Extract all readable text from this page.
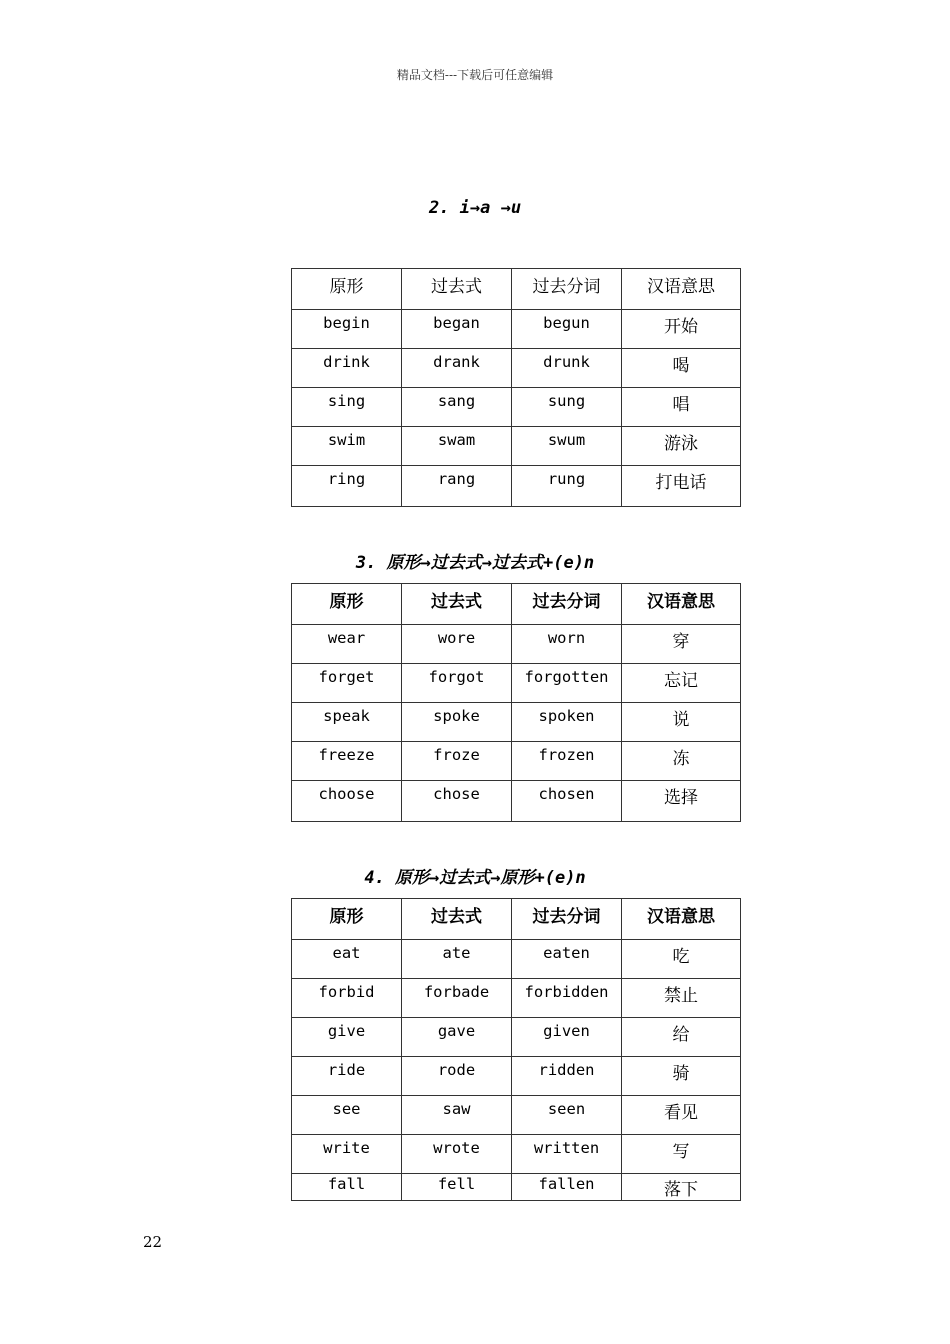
精品文档---下载后可任意编辑
2. i→a →u
原形	过去式	过去分词	汉语意思
begin	began	begun	开始
drink	drank	drunk	喝
sing	sang	sung	唱
swim	swam	swum	游泳
ring	rang	rung	打电话
3. 原形→过去式→过去式+(e)n
原形	过去式	过去分词	汉语意思
wear	wore	worn	穿
forget	forgot	forgotten	忘记
speak	spoke	spoken	说
freeze	froze	frozen	冻
choose	chose	chosen	选择
4. 原形→过去式→原形+(e)n
原形	过去式	过去分词	汉语意思
eat	ate	eaten	吃
forbid	forbade	forbidden	禁止
give	gave	given	给
ride	rode	ridden	骑
see	saw	seen	看见
write	wrote	written	写
fall	fell	fallen	落下
22
